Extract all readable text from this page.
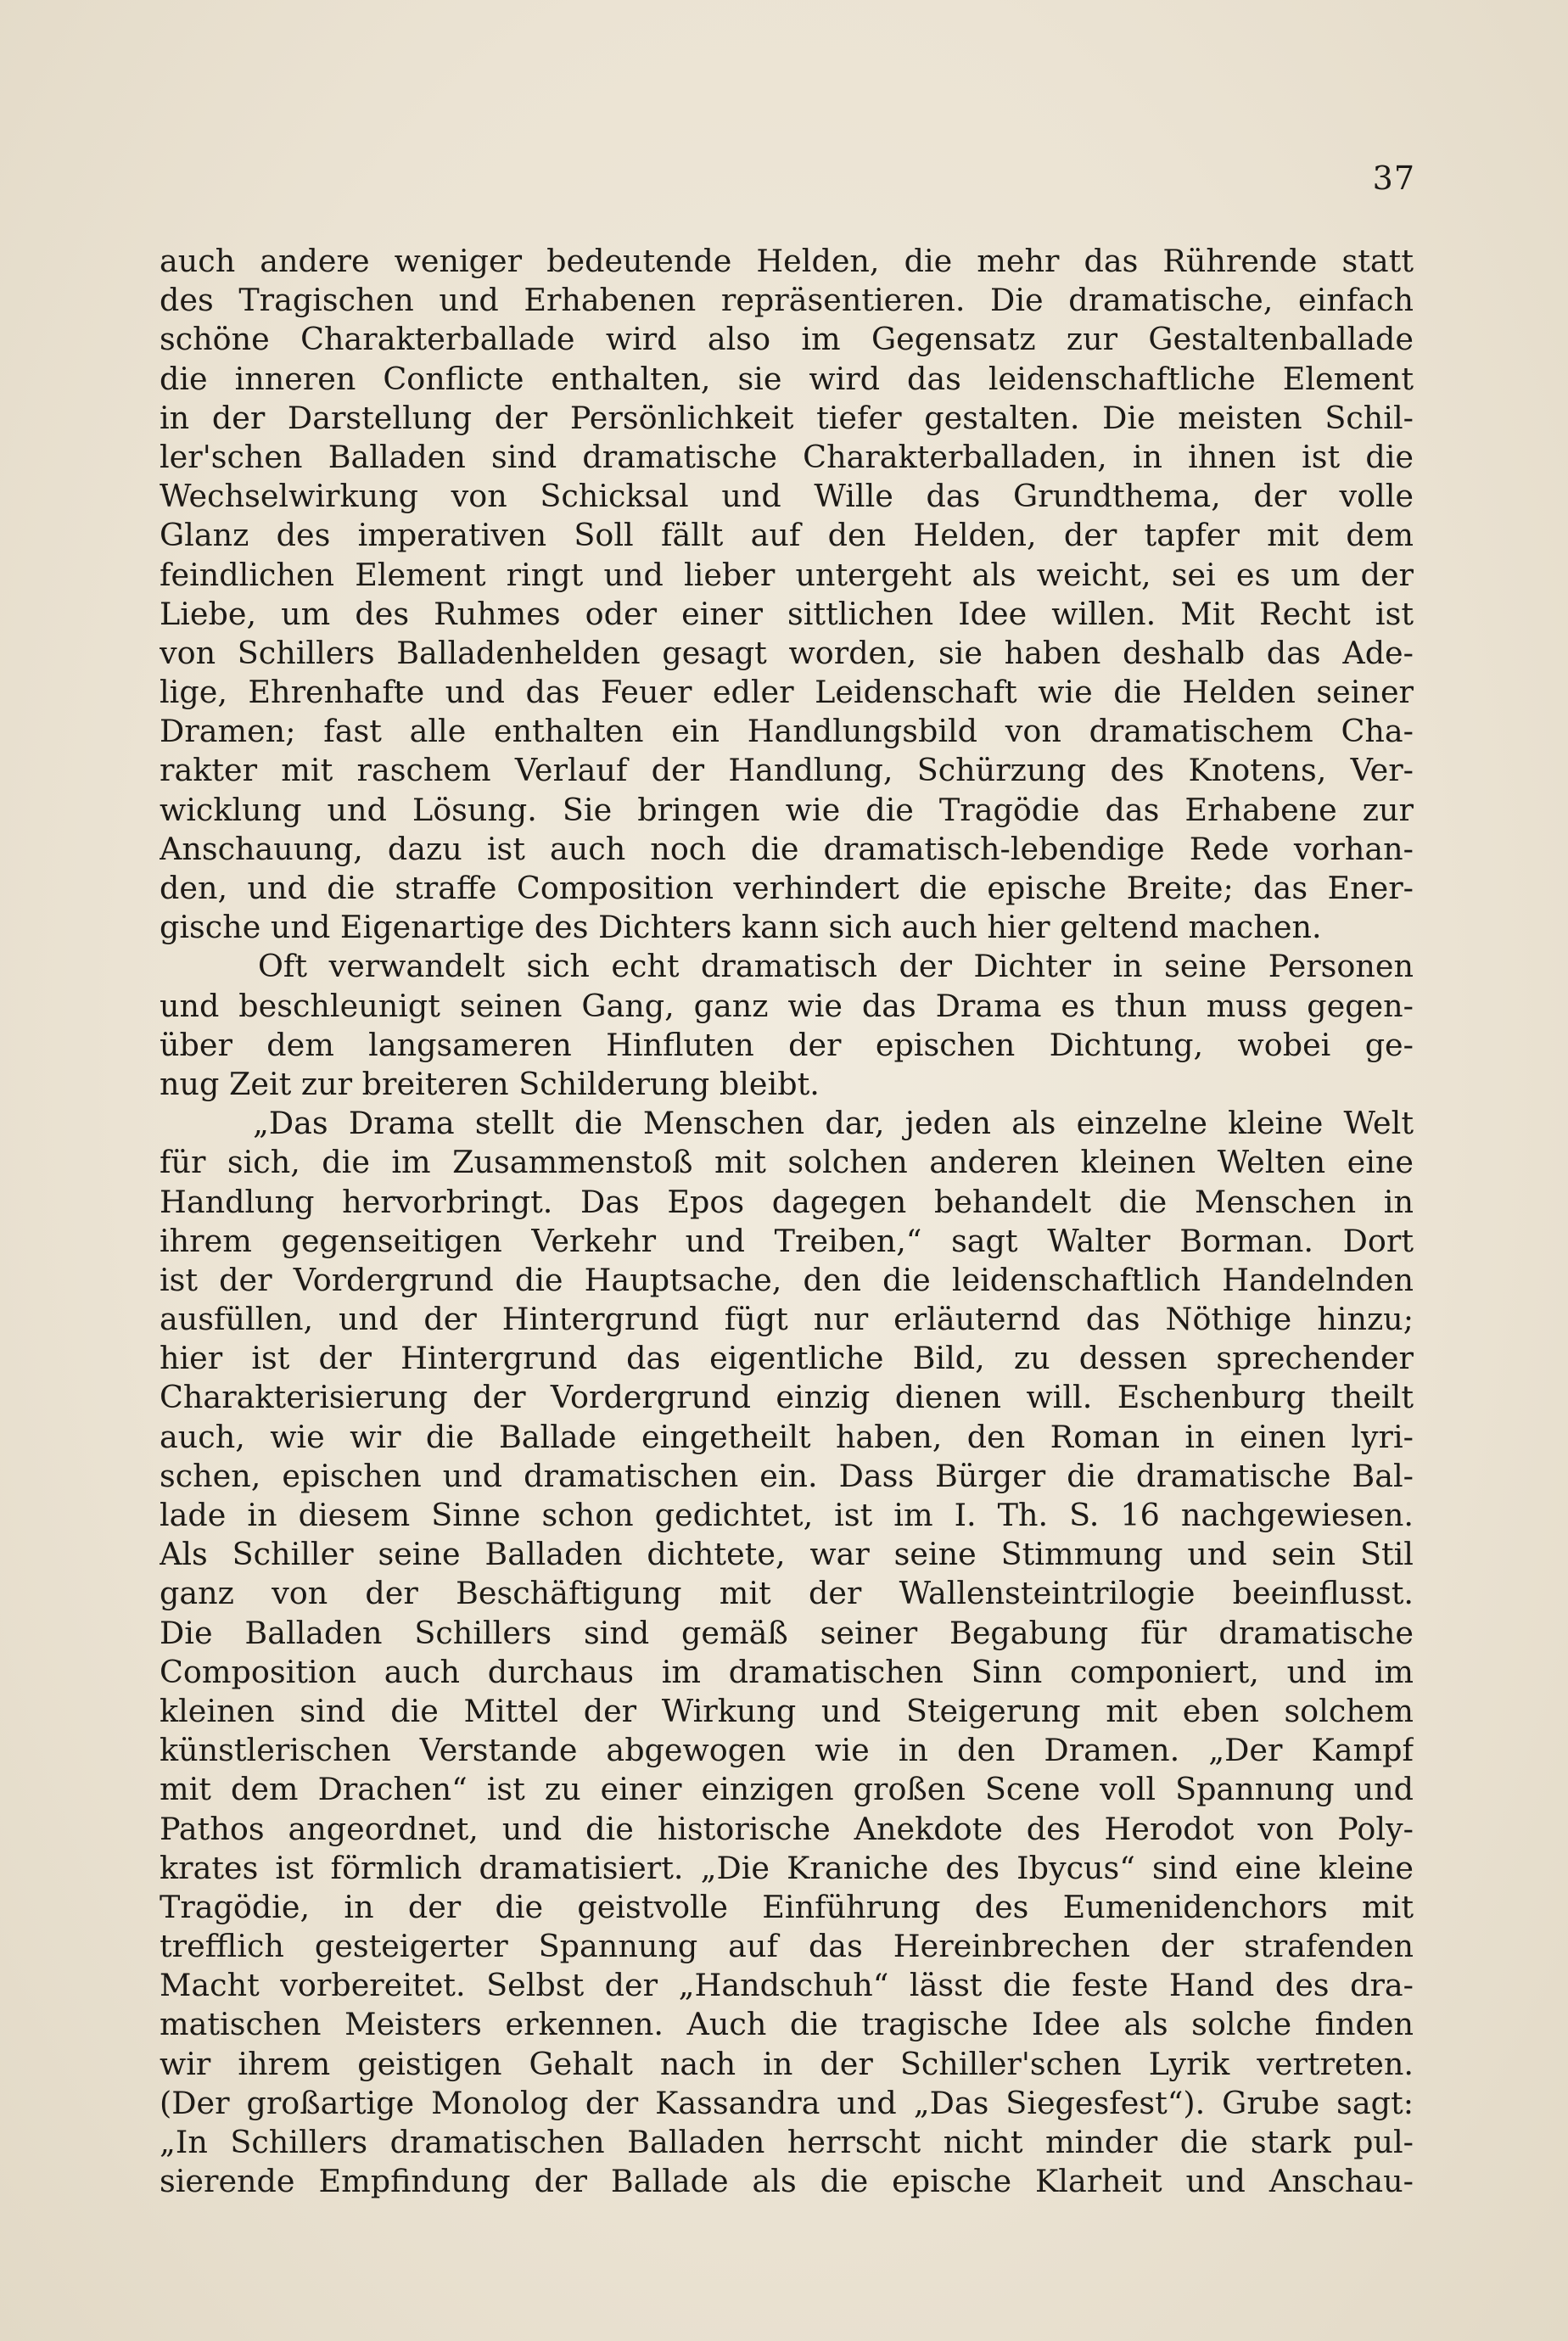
37
auch andere weniger bedeutende Helden, die mehr das Rührende statt
des Tragischen und Erhabenen repräsentieren. Die dramatische, einfach
schöne Charakterballade wird also im Gegensatz zur Gestaltenballade
die inneren Conflicte enthalten, sie wird das leidenschaftliche Element
in der Darstellung der Persönlichkeit tiefer gestalten. Die meisten Schil-
ler'schen Balladen sind dramatische Charakterballaden, in ihnen ist die
Wechselwirkung von Schicksal und Wille das Grundthema, der volle
Glanz des imperativen Soll fällt auf den Helden, der tapfer mit dem
feindlichen Element ringt und lieber untergeht als weicht, sei es um der
Liebe, um des Ruhmes oder einer sittlichen Idee willen. Mit Recht ist
von Schillers Balladenhelden gesagt worden, sie haben deshalb das Ade-
lige, Ehrenhafte und das Feuer edler Leidenschaft wie die Helden seiner
Dramen; fast alle enthalten ein Handlungsbild von dramatischem Cha-
rakter mit raschem Verlauf der Handlung, Schürzung des Knotens, Ver-
wicklung und Lösung. Sie bringen wie die Tragödie das Erhabene zur
Anschauung, dazu ist auch noch die dramatisch-lebendige Rede vorhan-
den, und die straffe Composition verhindert die epische Breite; das Ener-
gische und Eigenartige des Dichters kann sich auch hier geltend machen.
Oft verwandelt sich echt dramatisch der Dichter in seine Personen
und beschleunigt seinen Gang, ganz wie das Drama es thun muss gegen-
über dem langsameren Hinfluten der epischen Dichtung, wobei ge-
nug Zeit zur breiteren Schilderung bleibt.
„Das Drama stellt die Menschen dar, jeden als einzelne kleine Welt
für sich, die im Zusammenstoß mit solchen anderen kleinen Welten eine
Handlung hervorbringt. Das Epos dagegen behandelt die Menschen in
ihrem gegenseitigen Verkehr und Treiben,“ sagt Walter Borman. Dort
ist der Vordergrund die Hauptsache, den die leidenschaftlich Handelnden
ausfüllen, und der Hintergrund fügt nur erläuternd das Nöthige hinzu;
hier ist der Hintergrund das eigentliche Bild, zu dessen sprechender
Charakterisierung der Vordergrund einzig dienen will. Eschenburg theilt
auch, wie wir die Ballade eingetheilt haben, den Roman in einen lyri-
schen, epischen und dramatischen ein. Dass Bürger die dramatische Bal-
lade in diesem Sinne schon gedichtet, ist im I. Th. S. 16 nachgewiesen.
Als Schiller seine Balladen dichtete, war seine Stimmung und sein Stil
ganz von der Beschäftigung mit der Wallensteintrilogie beeinflusst.
Die Balladen Schillers sind gemäß seiner Begabung für dramatische
Composition auch durchaus im dramatischen Sinn componiert, und im
kleinen sind die Mittel der Wirkung und Steigerung mit eben solchem
künstlerischen Verstande abgewogen wie in den Dramen. „Der Kampf
mit dem Drachen“ ist zu einer einzigen großen Scene voll Spannung und
Pathos angeordnet, und die historische Anekdote des Herodot von Poly-
krates ist förmlich dramatisiert. „Die Kraniche des Ibycus“ sind eine kleine
Tragödie, in der die geistvolle Einführung des Eumenidenchors mit
trefflich gesteigerter Spannung auf das Hereinbrechen der strafenden
Macht vorbereitet. Selbst der „Handschuh“ lässt die feste Hand des dra-
matischen Meisters erkennen. Auch die tragische Idee als solche finden
wir ihrem geistigen Gehalt nach in der Schiller'schen Lyrik vertreten.
(Der großartige Monolog der Kassandra und „Das Siegesfest“). Grube sagt:
„In Schillers dramatischen Balladen herrscht nicht minder die stark pul-
sierende Empfindung der Ballade als die epische Klarheit und Anschau-
